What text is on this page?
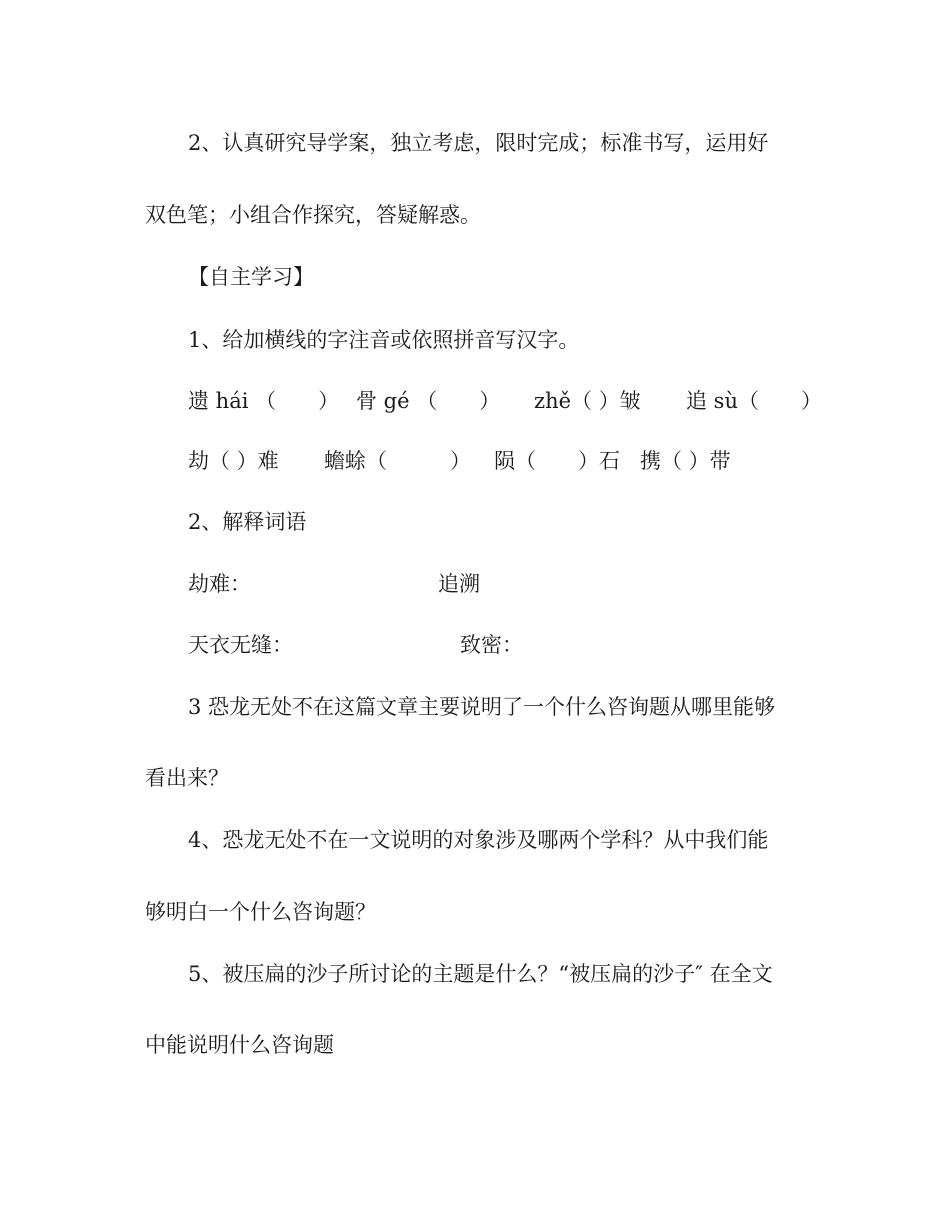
2、认真研究导学案，独立考虑，限时完成；标准书写，运用好
双色笔；小组合作探究，答疑解惑。
【自主学习】
1、给加横线的字注音或依照拼音写汉字。
遗 hái （　　） 骨 gé （　　） zhě（ ）皱 追 sù（　　）
劫（ ）难 蟾蜍（　　　） 陨（　　）石 携（ ）带
2、解释词语
劫难：	追溯
天衣无缝：	致密：
3 恐龙无处不在这篇文章主要说明了一个什么咨询题从哪里能够
看出来？
4、恐龙无处不在一文说明的对象涉及哪两个学科？从中我们能
够明白一个什么咨询题？
5、被压扁的沙子所讨论的主题是什么？“被压扁的沙子″ 在全文
中能说明什么咨询题
